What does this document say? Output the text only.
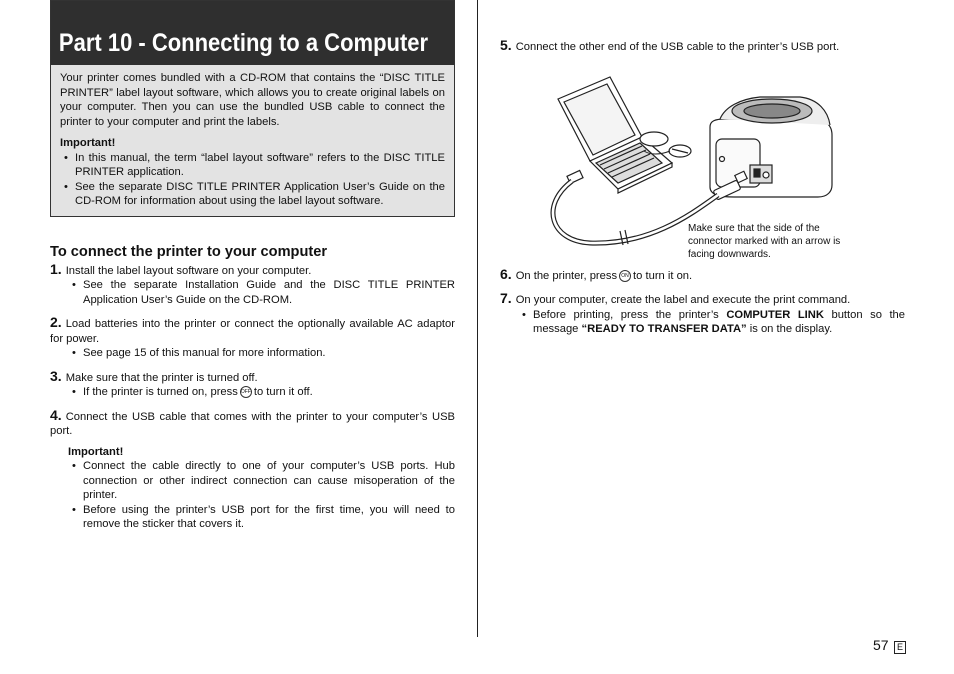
Part 10 - Connecting to a Computer

Your printer comes bundled with a CD-ROM that contains the “DISC TITLE PRINTER” label layout software, which allows you to create original labels on your computer. Then you can use the bundled USB cable to connect the printer to your computer and print the labels.

Important!
• In this manual, the term “label layout software” refers to the DISC TITLE PRINTER application.
• See the separate DISC TITLE PRINTER Application User’s Guide on the CD-ROM for information about using the label layout software.
To connect the printer to your computer
1. Install the label layout software on your computer.
• See the separate Installation Guide and the DISC TITLE PRINTER Application User’s Guide on the CD-ROM.
2. Load batteries into the printer or connect the optionally available AC adaptor for power.
• See page 15 of this manual for more information.
3. Make sure that the printer is turned off.
• If the printer is turned on, press OFF to turn it off.
4. Connect the USB cable that comes with the printer to your computer’s USB port.
Important!
• Connect the cable directly to one of your computer’s USB ports. Hub connection or other indirect connection can cause misoperation of the printer.
• Before using the printer’s USB port for the first time, you will need to remove the sticker that covers it.
5. Connect the other end of the USB cable to the printer’s USB port.
Make sure that the side of the connector marked with an arrow is facing downwards.
6. On the printer, press ON to turn it on.
7. On your computer, create the label and execute the print command.
• Before printing, press the printer’s COMPUTER LINK button so the message “READY TO TRANSFER DATA” is on the display.
57 E
